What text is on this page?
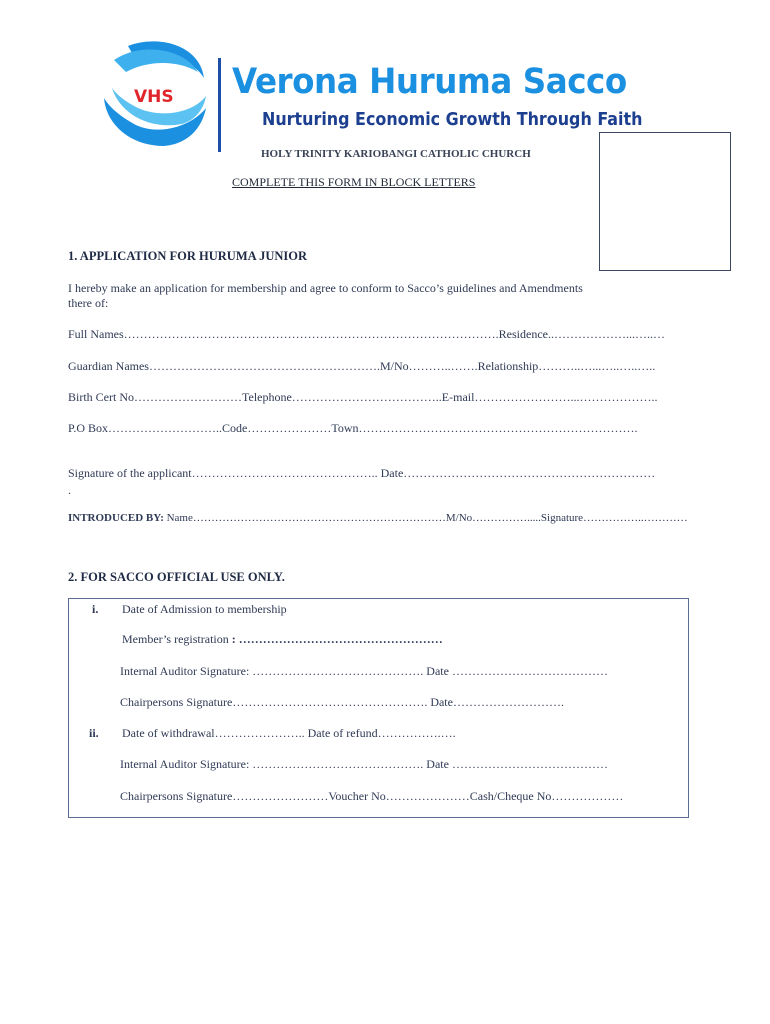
VHS Verona Huruma Sacco
Nurturing Economic Growth Through Faith
HOLY TRINITY KARIOBANGI CATHOLIC CHURCH
COMPLETE THIS FORM IN BLOCK LETTERS
1. APPLICATION FOR HURUMA JUNIOR
I hereby make an application for membership and agree to conform to Sacco’s guidelines and Amendments
there of:
Full Names………………………………………………………………………………….Residence..………………...…..…
Guardian Names………………………………………………….M/No………..…….Relationship………..…...…..…..…..
Birth Cert No………………………Telephone………………………………..E-mail……………………...………………..
P.O Box………………………..Code…………………Town…………………………………………………………….
Signature of the applicant……………………………………….. Date………………………………………………………
.
INTRODUCED BY: Name……………………………………………………………M/No…………….....Signature……………..…………
2. FOR SACCO OFFICIAL USE ONLY.
i. Date of Admission to membership
Member’s registration : ……………………………………………
Internal Auditor Signature: ……………………………………. Date …………………………………
Chairpersons Signature…………………………………………. Date……………………….
ii. Date of withdrawal………………….. Date of refund…………….….
Internal Auditor Signature: ……………………………………. Date …………………………………
Chairpersons Signature……………………Voucher No…………………Cash/Cheque No………………
